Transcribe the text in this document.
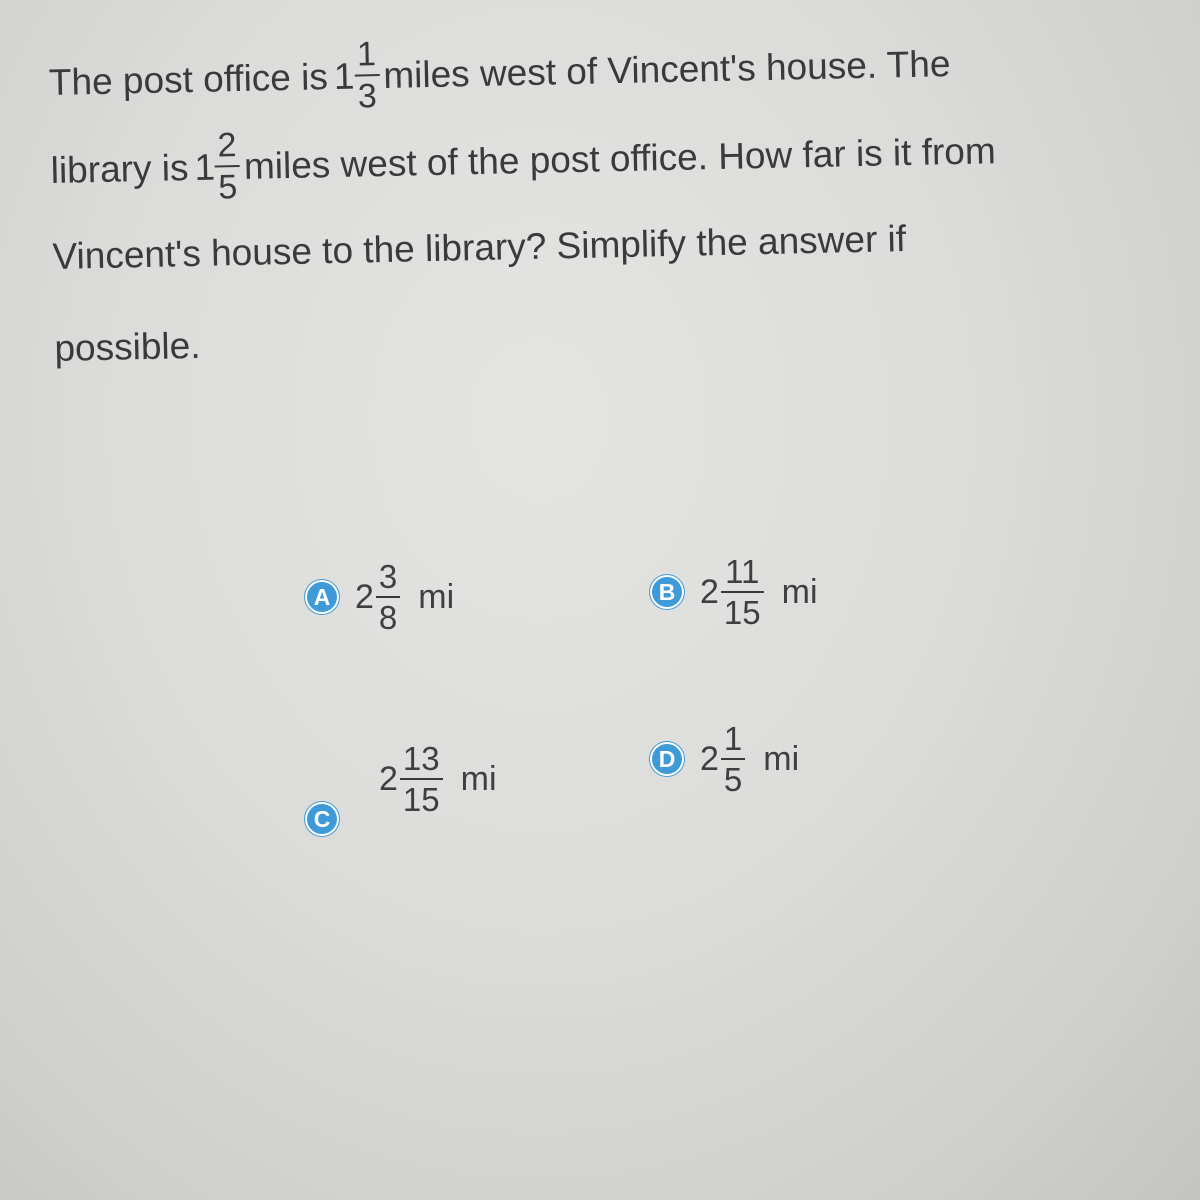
The post office is 1
$\frac{1}{3}$ miles west of Vincent's house. The
library is 1
$\frac{2}{5}$ miles west of the post office. How far is it from
Vincent's house to the library? Simplify the answer if
possible.
A $2 \frac{3}{8}$ mi	B $2 \frac{11}{15}$ mi
C
$2 \frac{13}{15}$ mi
D $2 \frac{1}{5}$ mi
